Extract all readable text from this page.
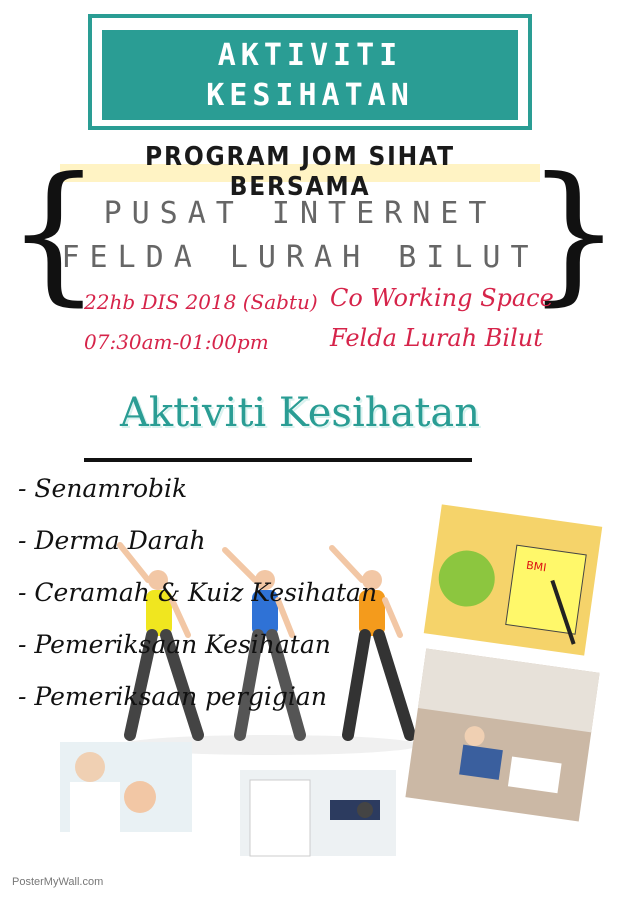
AKTIVITI
KESIHATAN
PROGRAM JOM SIHAT BERSAMA
{	}
PUSAT INTERNET
FELDA LURAH BILUT
22hb DIS 2018 (Sabtu)
07:30am-01:00pm
Co Working Space
Felda Lurah Bilut
Aktiviti Kesihatan
- Senamrobik
- Derma Darah
- Ceramah & Kuiz Kesihatan
- Pemeriksaan Kesihatan
- Pemeriksaan pergigian
BMI
PosterMyWall.com
